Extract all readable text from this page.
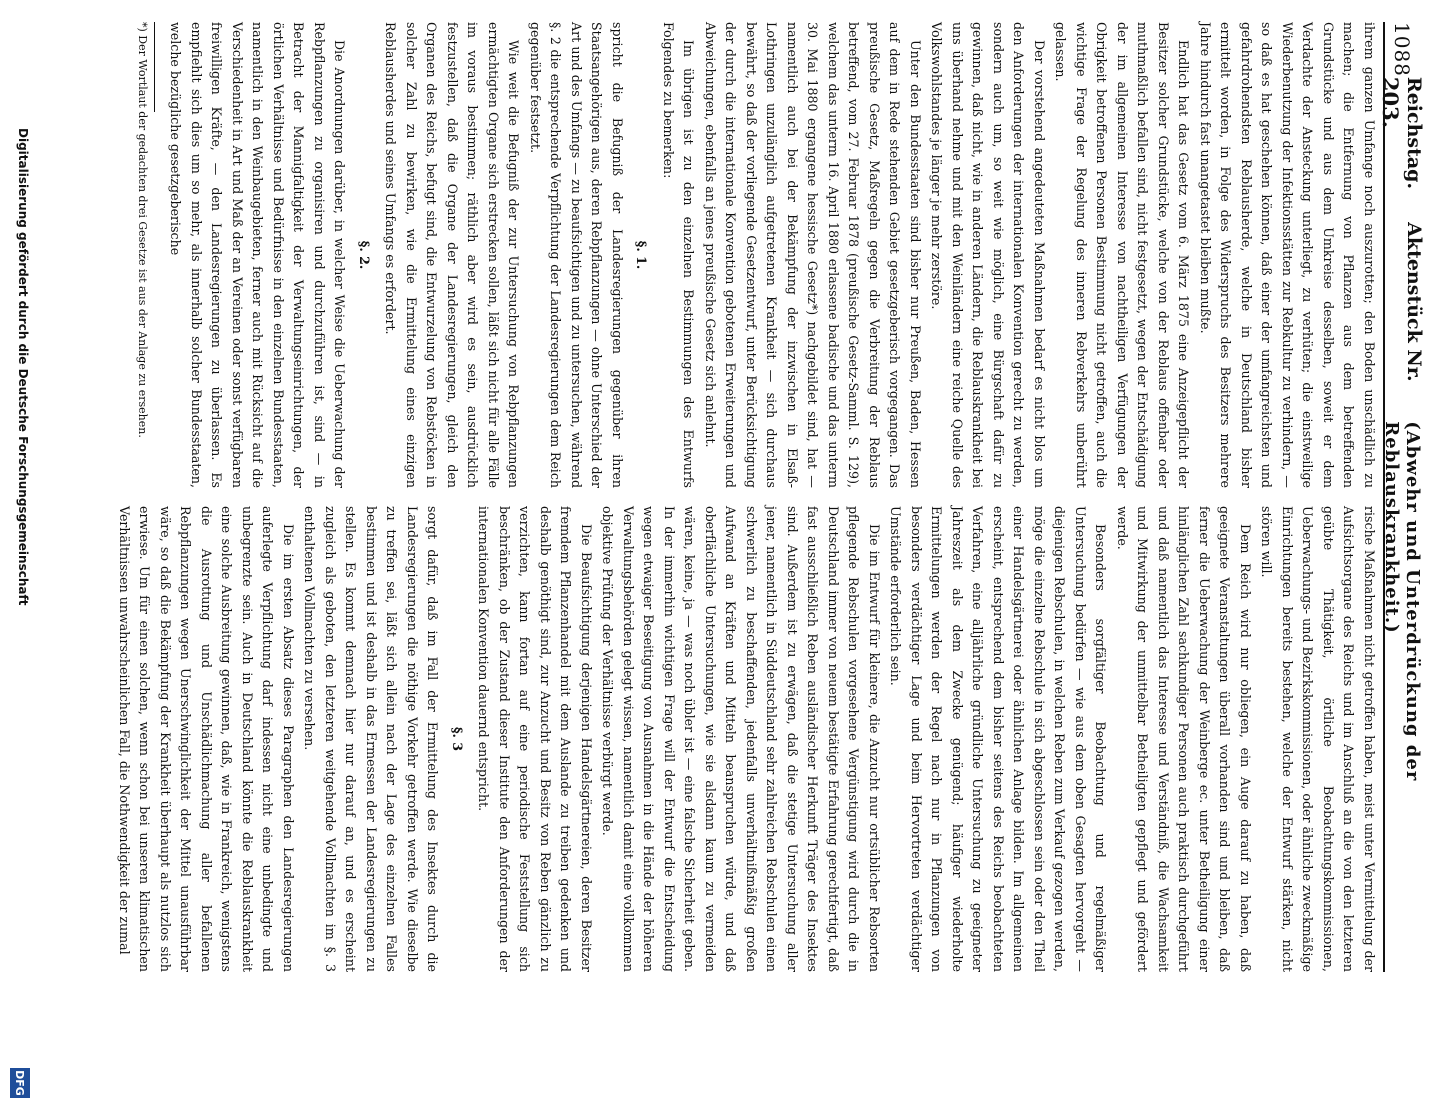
1088
Reichstag.     Aktenstück Nr. 203.
(Abwehr und Unterdrückung der Reblauskrankheit.)

ihrem ganzen Umfange noch auszurotten; den Boden unschädlich zu machen; die Entfernung von Pflanzen aus dem betreffenden Grundstücke und aus dem Umkreise desselben, soweit er dem Verdachte der Ansteckung unterliegt, zu verhüten; die einstweilige Wiederbenutzung der Infektionsstätten zur Rebkultur zu verhindern, — so daß es hat geschehen können, daß einer der umfangreichsten und gefahrdrohendsten Reblausherde, welche in Deutschland bisher ermittelt worden, in Folge des Widerspruchs des Besitzers mehrere Jahre hindurch fast unangetastet bleiben mußte.

Endlich hat das Gesetz vom 6. März 1875 eine Anzeigepflicht der Besitzer solcher Grundstücke, welche von der Reblaus offenbar oder muthmaßlich befallen sind, nicht festgesetzt, wegen der Entschädigung der im allgemeinen Interesse von nachtheiligen Verfügungen der Obrigkeit betroffenen Personen Bestimmung nicht getroffen, auch die wichtige Frage der Regelung des inneren Rebverkehrs unberührt gelassen.

Der vorstehend angedeuteten Maßnahmen bedarf es nicht blos um den Anforderungen der internationalen Konvention gerecht zu werden, sondern auch um, so weit wie möglich, eine Bürgschaft dafür zu gewinnen, daß nicht, wie in anderen Ländern, die Reblauskrankheit bei uns überhand nehme und mit den Weinländern eine reiche Quelle des Volkswohlstandes je länger je mehr zerstöre.

Unter den Bundesstaaten sind bisher nur Preußen, Baden, Hessen auf dem in Rede stehenden Gebiet gesetzgeberisch vorgegangen. Das preußische Gesetz, Maßregeln gegen die Verbreitung der Reblaus betreffend, vom 27. Februar 1878 (preußische Gesetz-Samml. S. 129), welchem das unterm 16. April 1880 erlassene badische und das unterm 30. Mai 1880 ergangene hessische Gesetz*) nachgebildet sind, hat — namentlich auch bei der Bekämpfung der inzwischen in Elsaß-Lothringen unzulänglich aufgetretenen Krankheit — sich durchaus bewährt, so daß der vorliegende Gesetzentwurf, unter Berücksichtigung der durch die internationale Konvention gebotenen Erweiterungen und Abweichungen, ebenfalls an jenes preußische Gesetz sich anlehnt.

Im übrigen ist zu den einzelnen Bestimmungen des Entwurfs Folgendes zu bemerken:

§. 1.

spricht die Befugniß der Landesregierungen gegenüber ihren Staatsangehörigen aus, deren Rebpflanzungen — ohne Unterschied der Art und des Umfangs — zu beaufsichtigen und zu untersuchen, während §. 2 die entsprechende Verpflichtung der Landesregierungen dem Reich gegenüber festsetzt.

Wie weit die Befugniß der zur Untersuchung von Rebpflanzungen ermächtigten Organe sich erstrecken sollen, läßt sich nicht für alle Fälle im voraus bestimmen; räthlich aber wird es sein, ausdrücklich festzustellen, daß die Organe der Landesregierungen, gleich den Organen des Reichs, befugt sind, die Entwurzelung von Rebstöcken in solcher Zahl zu bewirken, wie die Ermittelung eines einzigen Reblausherdes und seines Umfangs es erfordert.

§. 2.

Die Anordnungen darüber, in welcher Weise die Ueberwachung der Rebpflanzungen zu organisiren und durchzuführen ist, sind — in Betracht der Mannigfaltigkeit der Verwaltungseinrichtungen, der örtlichen Verhältnisse und Bedürfnisse in den einzelnen Bundesstaaten, namentlich in den Weinbaugebieten, ferner auch mit Rücksicht auf die Verschiedenheit in Art und Maß der an Vereinen oder sonst verfügbaren freiwilligen Kräfte, — den Landesregierungen zu überlassen. Es empfiehlt sich dies um so mehr, als innerhalb solcher Bundesstaaten, welche bezügliche gesetzgeberische

*) Der Wortlaut der gedachten drei Gesetze ist aus der Anlage zu ersehen.

rische Maßnahmen nicht getroffen haben, meist unter Vermittelung der Aufsichtsorgane des Reichs und im Anschluß an die von den letzteren geübte Thätigkeit, örtliche Beobachtungskommissionen, Ueberwachungs- und Bezirkskommissionen, oder ähnliche zweckmäßige Einrichtungen bereits bestehen, welche der Entwurf stärken, nicht stören will.

Dem Reich wird nur obliegen, ein Auge darauf zu haben, daß geeignete Veranstaltungen überall vorhanden sind und bleiben, daß ferner die Ueberwachung der Weinberge ec. unter Betheiligung einer hinlänglichen Zahl sachkundiger Personen auch praktisch durchgeführt und daß namentlich das Interesse und Verständniß, die Wachsamkeit und Mitwirkung der unmittelbar Betheiligten gepflegt und gefördert werde.

Besonders sorgfältiger Beobachtung und regelmäßiger Untersuchung bedürfen — wie aus dem oben Gesagten hervorgeht — diejenigen Rebschulen, in welchen Reben zum Verkauf gezogen werden, möge die einzelne Rebschule in sich abgeschlossen sein oder den Theil einer Handelsgärtnerei oder ähnlichen Anlage bilden. Im allgemeinen erscheint, entsprechend dem bisher seitens des Reichs beobachteten Verfahren, eine alljährliche gründliche Untersuchung zu geeigneter Jahreszeit als dem Zwecke genügend; häufiger wiederholte Ermittelungen werden der Regel nach nur in Pflanzungen von besonders verdächtiger Lage und beim Hervortreten verdächtiger Umstände erforderlich sein.

Die im Entwurf für kleinere, die Anzucht nur ortsüblicher Rebsorten pflegende Rebschulen vorgesehene Vergünstigung wird durch die in Deutschland immer von neuem bestätigte Erfahrung gerechtfertigt, daß fast ausschließlich Reben ausländischer Herkunft Träger des Insektes sind. Außerdem ist zu erwägen, daß die stetige Untersuchung aller jener, namentlich in Süddeutschland sehr zahlreichen Rebschulen einen schwerlich zu beschaffenden, jedenfalls unverhältnißmäßig großen Aufwand an Kräften und Mitteln beanspruchen würde, und daß oberflächliche Untersuchungen, wie sie alsdann kaum zu vermeiden wären, keine, ja — was noch übler ist — eine falsche Sicherheit geben. In der immerhin wichtigen Frage will der Entwurf die Entscheidung wegen etwaiger Beseitigung von Ausnahmen in die Hände der höheren Verwaltungsbehörden gelegt wissen, namentlich damit eine vollkommen objektive Prüfung der Verhältnisse verbürgt werde.

Die Beaufsichtigung derjenigen Handelsgärtnereien, deren Besitzer fremdem Pflanzenhandel mit dem Auslande zu treiben gedenken und deshalb genöthigt sind, zur Anzucht und Besitz von Reben gänzlich zu verzichten, kann fortan auf eine periodische Feststellung sich beschränken, ob der Zustand dieser Institute den Anforderungen der internationalen Konvention dauernd entspricht.

§. 3

sorgt dafür, daß im Fall der Ermittelung des Insektes durch die Landesregierungen die nöthige Vorkehr getroffen werde. Wie dieselbe zu treffen sei, läßt sich allein nach der Lage des einzelnen Falles bestimmen und ist deshalb in das Ermessen der Landesregierungen zu stellen. Es kommt demnach hier nur darauf an, und es erscheint zugleich als geboten, den letzteren weitgehende Vollmachten im §. 3 enthaltenen Vollmachten zu versehen.

Die im ersten Absatz dieses Paragraphen den Landesregierungen auferlegte Verpflichtung darf indessen nicht eine unbedingte und unbegrenzte sein. Auch in Deutschland könnte die Reblauskrankheit eine solche Ausbreitung gewinnen, daß, wie in Frankreich, wenigstens die Ausrottung und Unschädlichmachung aller befallenen Rebpflanzungen wegen Unerschwinglichkeit der Mittel unausführbar wäre, so daß die Bekämpfung der Krankheit überhaupt als nutzlos sich erwiese. Um für einen solchen, wenn schon bei unseren klimatischen Verhältnissen unwahrscheinlichen Fall, die Nothwendigkeit der zumal

Digitalisierung gefördert durch die Deutsche Forschungsgemeinschaft
DFG
